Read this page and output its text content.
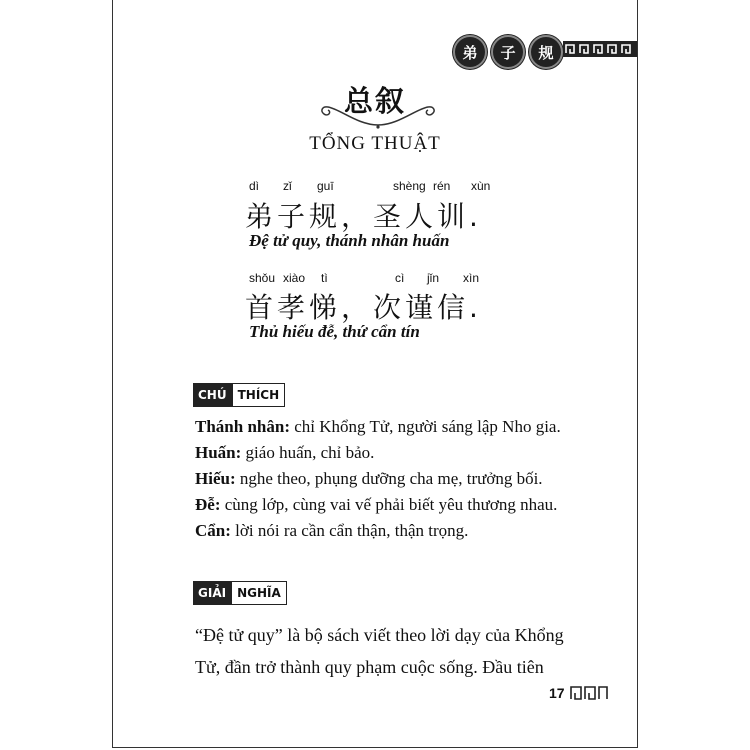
弟	子	规
总叙
TỔNG THUẬT
dì zǐ guī	shèng rén xùn
弟子规，圣人训.
Đệ tử quy, thánh nhân huấn
shǒu xiào tì	cì jǐn xìn
首孝悌，次谨信.
Thủ hiếu đễ, thứ cẩn tín
CHÚ THÍCH
Thánh nhân: chỉ Khổng Tử, người sáng lập Nho gia.
Huấn: giáo huấn, chỉ bảo.
Hiếu: nghe theo, phụng dưỡng cha mẹ, trưởng bối.
Đễ: cùng lớp, cùng vai vế phải biết yêu thương nhau.
Cẩn: lời nói ra cần cẩn thận, thận trọng.
GIẢI NGHĨA
“Đệ tử quy” là bộ sách viết theo lời dạy của Khổng
Tử, đần trở thành quy phạm cuộc sống. Đầu tiên
17
